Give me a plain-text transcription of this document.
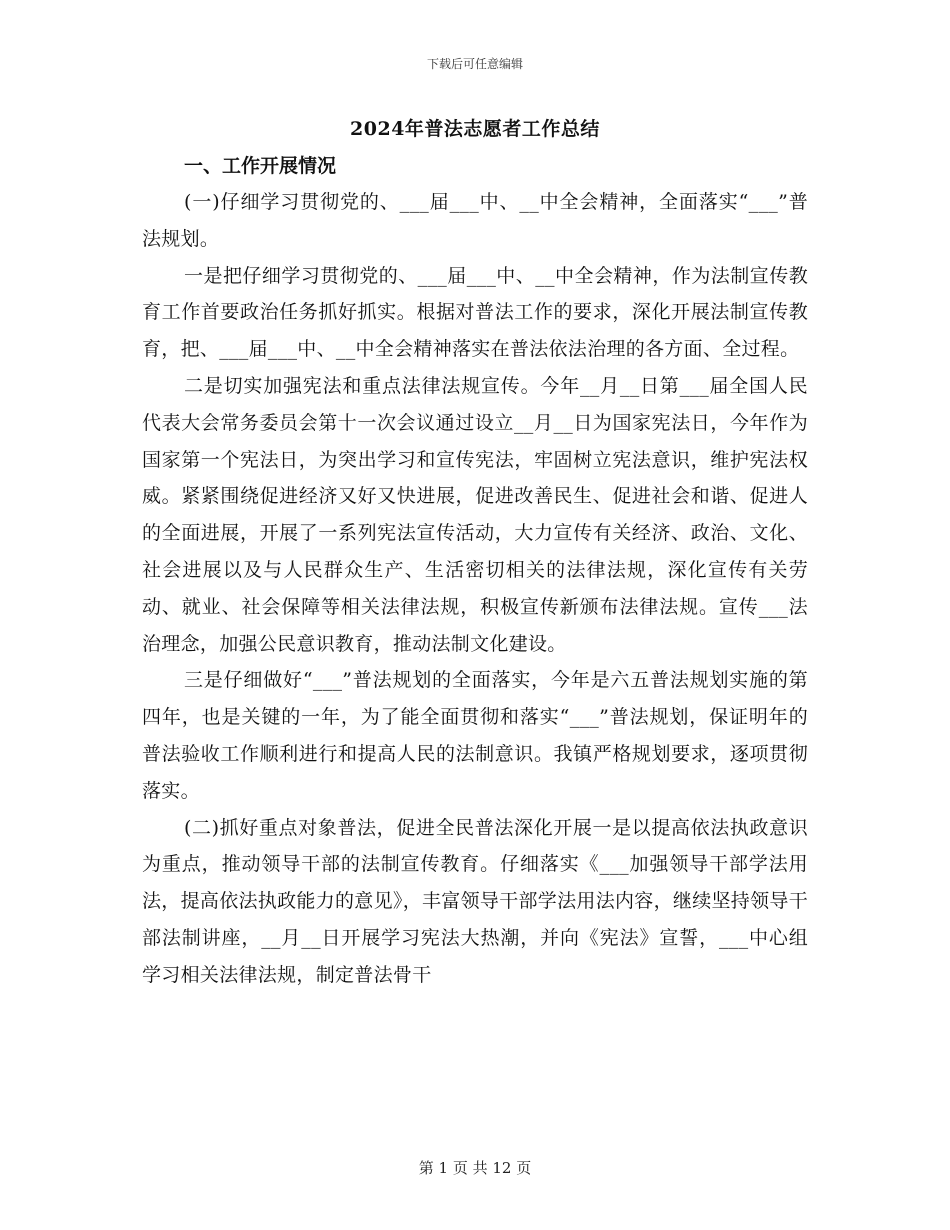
下载后可任意编辑
2024年普法志愿者工作总结

一、工作开展情况

(一)仔细学习贯彻党的、___届___中、__中全会精神，全面落实“___”普法规划。

一是把仔细学习贯彻党的、___届___中、__中全会精神，作为法制宣传教育工作首要政治任务抓好抓实。根据对普法工作的要求，深化开展法制宣传教育，把、___届___中、__中全会精神落实在普法依法治理的各方面、全过程。

二是切实加强宪法和重点法律法规宣传。今年__月__日第___届全国人民代表大会常务委员会第十一次会议通过设立__月__日为国家宪法日，今年作为国家第一个宪法日，为突出学习和宣传宪法，牢固树立宪法意识，维护宪法权威。紧紧围绕促进经济又好又快进展，促进改善民生、促进社会和谐、促进人的全面进展，开展了一系列宪法宣传活动，大力宣传有关经济、政治、文化、社会进展以及与人民群众生产、生活密切相关的法律法规，深化宣传有关劳动、就业、社会保障等相关法律法规，积极宣传新颁布法律法规。宣传___法治理念，加强公民意识教育，推动法制文化建设。

三是仔细做好“___”普法规划的全面落实，今年是六五普法规划实施的第四年，也是关键的一年，为了能全面贯彻和落实“___”普法规划，保证明年的普法验收工作顺利进行和提高人民的法制意识。我镇严格规划要求，逐项贯彻落实。

(二)抓好重点对象普法，促进全民普法深化开展一是以提高依法执政意识为重点，推动领导干部的法制宣传教育。仔细落实《___加强领导干部学法用法，提高依法执政能力的意见》，丰富领导干部学法用法内容，继续坚持领导干部法制讲座，__月__日开展学习宪法大热潮，并向《宪法》宣誓，___中心组学习相关法律法规，制定普法骨干

第 1 页 共 12 页
